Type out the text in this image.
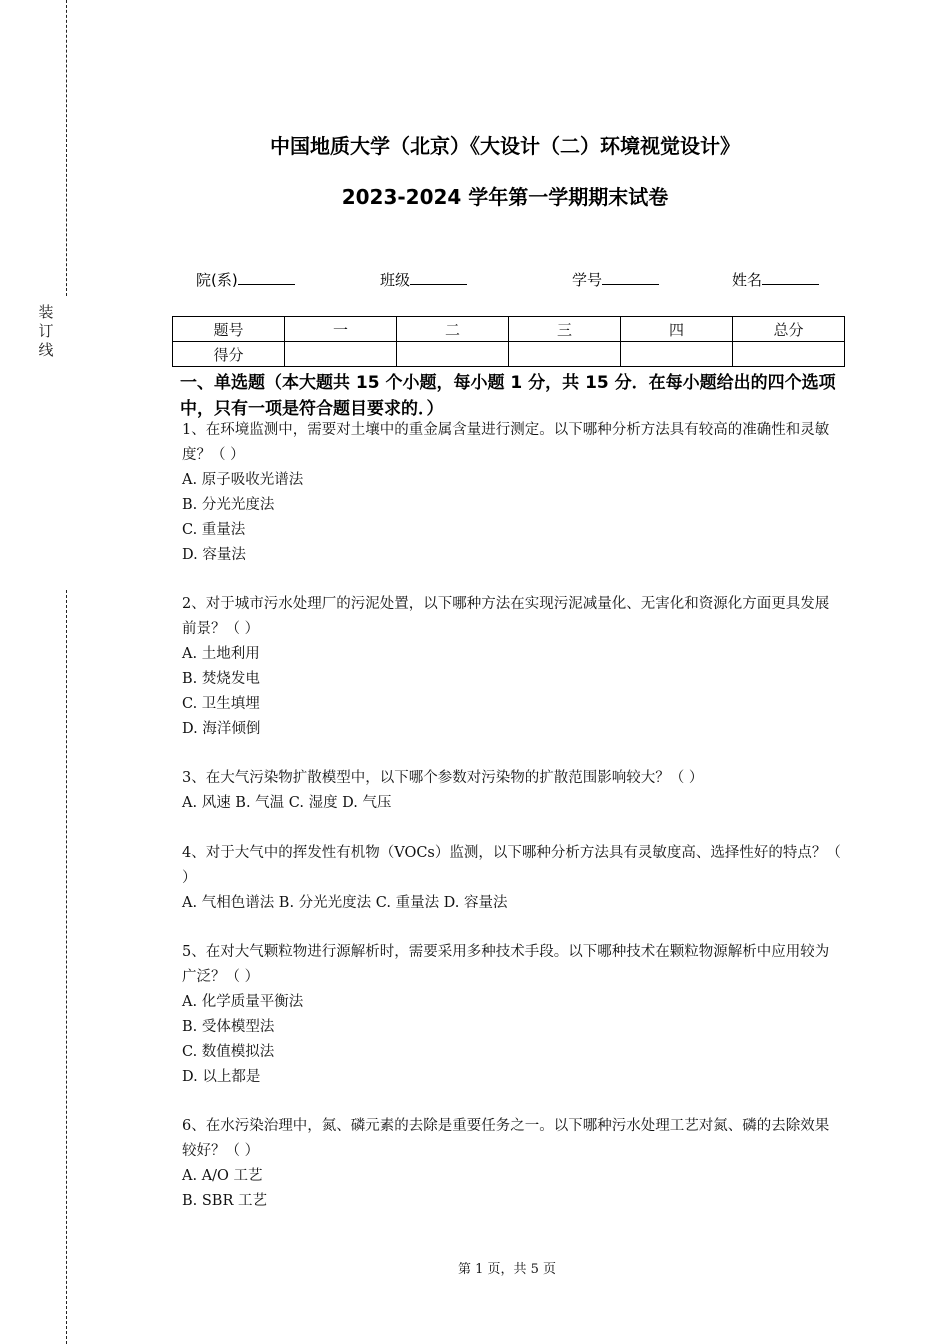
装
订
线
中国地质大学（北京）《大设计（二）环境视觉设计》
2023-2024 学年第一学期期末试卷
院(系)	班级	学号	姓名
题号	一	二	三	四	总分
得分					
一、单选题（本大题共 15 个小题，每小题 1 分，共 15 分．在每小题给出的四个选项中，只有一项是符合题目要求的．）

1、在环境监测中，需要对土壤中的重金属含量进行测定。以下哪种分析方法具有较高的准确性和灵敏度？（ ）

A. 原子吸收光谱法

B. 分光光度法

C. 重量法

D. 容量法

2、对于城市污水处理厂的污泥处置，以下哪种方法在实现污泥减量化、无害化和资源化方面更具发展前景？（ ）

A. 土地利用

B. 焚烧发电

C. 卫生填埋

D. 海洋倾倒

3、在大气污染物扩散模型中，以下哪个参数对污染物的扩散范围影响较大？（ ）

A. 风速 B. 气温 C. 湿度 D. 气压

4、对于大气中的挥发性有机物（VOCs）监测，以下哪种分析方法具有灵敏度高、选择性好的特点？（ ）

A. 气相色谱法 B. 分光光度法 C. 重量法 D. 容量法

5、在对大气颗粒物进行源解析时，需要采用多种技术手段。以下哪种技术在颗粒物源解析中应用较为广泛？（ ）

A. 化学质量平衡法

B. 受体模型法

C. 数值模拟法

D. 以上都是

6、在水污染治理中，氮、磷元素的去除是重要任务之一。以下哪种污水处理工艺对氮、磷的去除效果较好？（ ）

A. A/O 工艺

B. SBR 工艺

第 1 页，共 5 页
